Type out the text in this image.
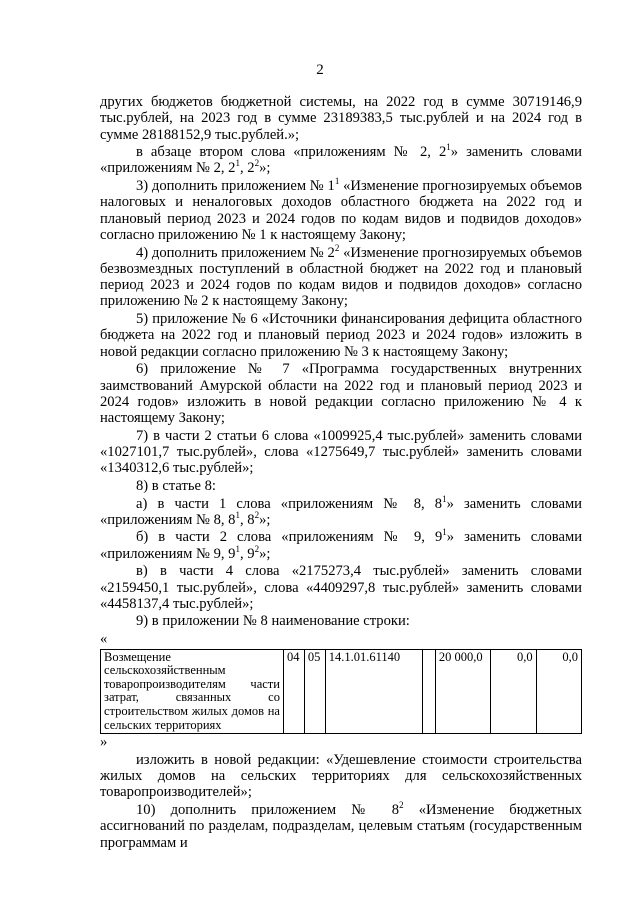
2

других бюджетов бюджетной системы, на 2022 год в сумме 30719146,9 тыс.рублей, на 2023 год в сумме 23189383,5 тыс.рублей и на 2024 год в сумме 28188152,9 тыс.рублей.»;

в абзаце втором слова «приложениям № 2, $2^1$» заменить словами «приложениям № 2, $2^1$, $2^2$»;

3) дополнить приложением № $1^1$ «Изменение прогнозируемых объемов налоговых и неналоговых доходов областного бюджета на 2022 год и плановый период 2023 и 2024 годов по кодам видов и подвидов доходов» согласно приложению № 1 к настоящему Закону;

4) дополнить приложением № $2^2$ «Изменение прогнозируемых объемов безвозмездных поступлений в областной бюджет на 2022 год и плановый период 2023 и 2024 годов по кодам видов и подвидов доходов» согласно приложению № 2 к настоящему Закону;

5) приложение № 6 «Источники финансирования дефицита областного бюджета на 2022 год и плановый период 2023 и 2024 годов» изложить в новой редакции согласно приложению № 3 к настоящему Закону;

6) приложение № 7 «Программа государственных внутренних заимствований Амурской области на 2022 год и плановый период 2023 и 2024 годов» изложить в новой редакции согласно приложению № 4 к настоящему Закону;

7) в части 2 статьи 6 слова «1009925,4 тыс.рублей» заменить словами «1027101,7 тыс.рублей», слова «1275649,7 тыс.рублей» заменить словами «1340312,6 тыс.рублей»;

8) в статье 8:

а) в части 1 слова «приложениям № 8, $8^1$» заменить словами «приложениям № 8, $8^1$, $8^2$»;

б) в части 2 слова «приложениям № 9, $9^1$» заменить словами «приложениям № 9, $9^1$, $9^2$»;

в) в части 4 слова «2175273,4 тыс.рублей» заменить словами «2159450,1 тыс.рублей», слова «4409297,8 тыс.рублей» заменить словами «4458137,4 тыс.рублей»;

9) в приложении № 8 наименование строки:

«

Возмещение сельскохозяйственным товаропроизводителям части затрат, связанных со строительством жилых домов на сельских территориях	04	05	14.1.01.61140		20 000,0	0,0	0,0

»

изложить в новой редакции: «Удешевление стоимости строительства жилых домов на сельских территориях для сельскохозяйственных товаропроизводителей»;

10) дополнить приложением № $8^2$ «Изменение бюджетных ассигнований по разделам, подразделам, целевым статьям (государственным программам и
